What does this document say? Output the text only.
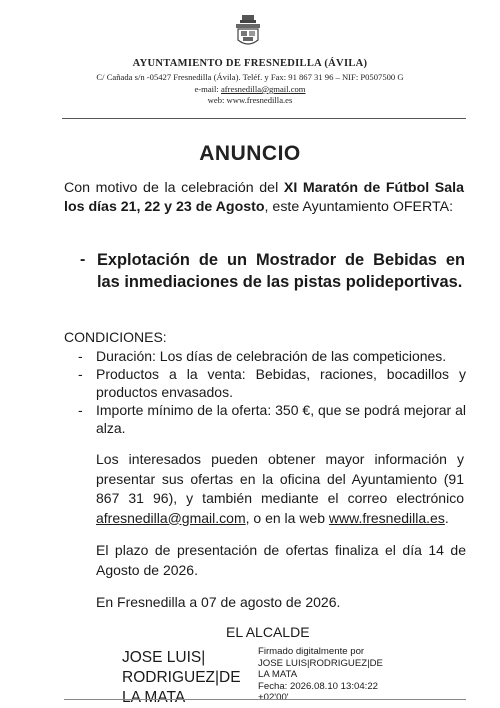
AYUNTAMIENTO DE FRESNEDILLA (ÁVILA)
C/ Cañada s/n -05427 Fresnedilla (Ávila). Teléf. y Fax: 91 867 31 96 – NIF: P0507500 G
e-mail: afresnedilla@gmail.com
web: www.fresnedilla.es
ANUNCIO
Con motivo de la celebración del XI Maratón de Fútbol Sala los días 21, 22 y 23 de Agosto, este Ayuntamiento OFERTA:
- Explotación de un Mostrador de Bebidas en las inmediaciones de las pistas polideportivas.
CONDICIONES:
- Duración: Los días de celebración de las competiciones.
- Productos a la venta: Bebidas, raciones, bocadillos y productos envasados.
- Importe mínimo de la oferta: 350 €, que se podrá mejorar al alza.
Los interesados pueden obtener mayor información y presentar sus ofertas en la oficina del Ayuntamiento (91 867 31 96), y también mediante el correo electrónico afresnedilla@gmail.com, o en la web www.fresnedilla.es.
El plazo de presentación de ofertas finaliza el día 14 de Agosto de 2026.
En Fresnedilla a 07 de agosto de 2026.
EL ALCALDE
JOSE LUIS|
RODRIGUEZ|DE
LA MATA
Firmado digitalmente por
JOSE LUIS|RODRIGUEZ|DE
LA MATA
Fecha: 2026.08.10 13:04:22
+02'00'
